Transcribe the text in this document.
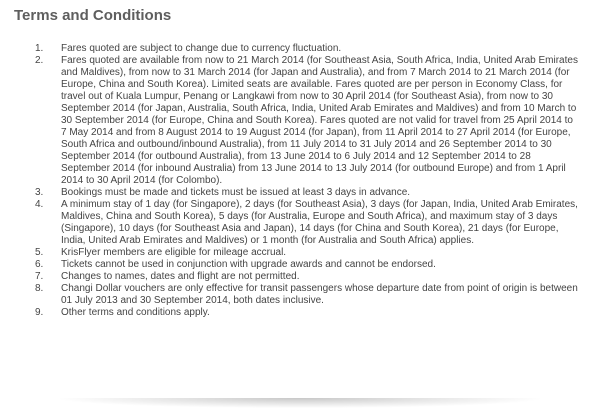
Terms and Conditions
1. Fares quoted are subject to change due to currency fluctuation.
2. Fares quoted are available from now to 21 March 2014 (for Southeast Asia, South Africa, India, United Arab Emirates and Maldives), from now to 31 March 2014 (for Japan and Australia), and from 7 March 2014 to 21 March 2014 (for Europe, China and South Korea). Limited seats are available. Fares quoted are per person in Economy Class, for travel out of Kuala Lumpur, Penang or Langkawi from now to 30 April 2014 (for Southeast Asia), from now to 30 September 2014 (for Japan, Australia, South Africa, India, United Arab Emirates and Maldives) and from 10 March to 30 September 2014 (for Europe, China and South Korea). Fares quoted are not valid for travel from 25 April 2014 to 7 May 2014 and from 8 August 2014 to 19 August 2014 (for Japan), from 11 April 2014 to 27 April 2014 (for Europe, South Africa and outbound/inbound Australia), from 11 July 2014 to 31 July 2014 and 26 September 2014 to 30 September 2014 (for outbound Australia), from 13 June 2014 to 6 July 2014 and 12 September 2014 to 28 September 2014 (for inbound Australia) from 13 June 2014 to 13 July 2014 (for outbound Europe) and from 1 April 2014 to 30 April 2014 (for Colombo).
3. Bookings must be made and tickets must be issued at least 3 days in advance.
4. A minimum stay of 1 day (for Singapore), 2 days (for Southeast Asia), 3 days (for Japan, India, United Arab Emirates, Maldives, China and South Korea), 5 days (for Australia, Europe and South Africa), and maximum stay of 3 days (Singapore), 10 days (for Southeast Asia and Japan), 14 days (for China and South Korea), 21 days (for Europe, India, United Arab Emirates and Maldives) or 1 month (for Australia and South Africa) applies.
5. KrisFlyer members are eligible for mileage accrual.
6. Tickets cannot be used in conjunction with upgrade awards and cannot be endorsed.
7. Changes to names, dates and flight are not permitted.
8. Changi Dollar vouchers are only effective for transit passengers whose departure date from point of origin is between 01 July 2013 and 30 September 2014, both dates inclusive.
9. Other terms and conditions apply.
